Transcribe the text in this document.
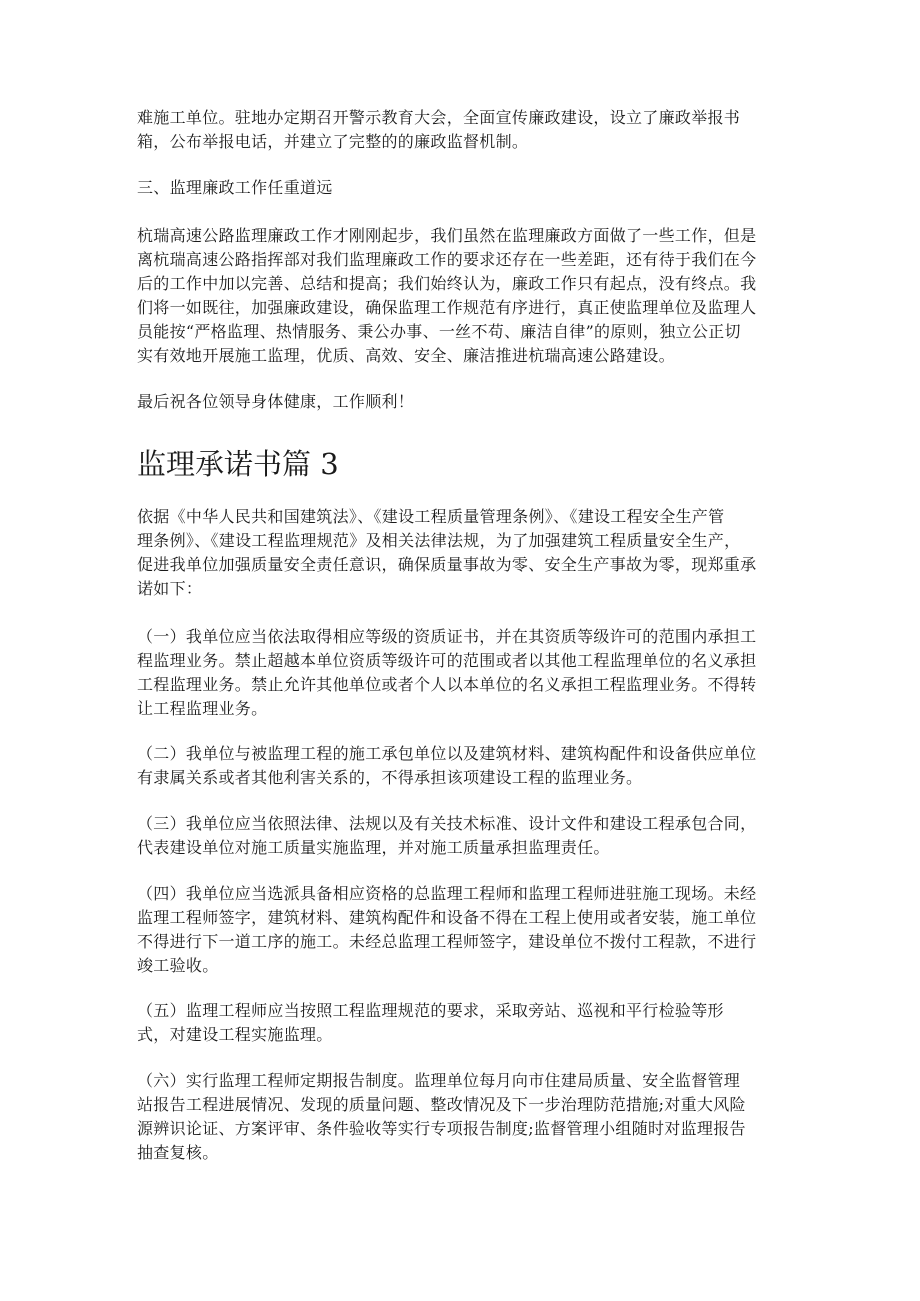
难施工单位。驻地办定期召开警示教育大会，全面宣传廉政建设，设立了廉政举报书
箱，公布举报电话，并建立了完整的的廉政监督机制。
三、监理廉政工作任重道远
杭瑞高速公路监理廉政工作才刚刚起步，我们虽然在监理廉政方面做了一些工作，但是
离杭瑞高速公路指挥部对我们监理廉政工作的要求还存在一些差距，还有待于我们在今
后的工作中加以完善、总结和提高；我们始终认为，廉政工作只有起点，没有终点。我
们将一如既往，加强廉政建设，确保监理工作规范有序进行，真正使监理单位及监理人
员能按“严格监理、热情服务、秉公办事、一丝不苟、廉洁自律”的原则，独立公正切
实有效地开展施工监理，优质、高效、安全、廉洁推进杭瑞高速公路建设。
最后祝各位领导身体健康，工作顺利！
监理承诺书篇 3
依据《中华人民共和国建筑法》、《建设工程质量管理条例》、《建设工程安全生产管
理条例》、《建设工程监理规范》及相关法律法规，为了加强建筑工程质量安全生产，
促进我单位加强质量安全责任意识，确保质量事故为零、安全生产事故为零，现郑重承
诺如下：
（一）我单位应当依法取得相应等级的资质证书，并在其资质等级许可的范围内承担工
程监理业务。禁止超越本单位资质等级许可的范围或者以其他工程监理单位的名义承担
工程监理业务。禁止允许其他单位或者个人以本单位的名义承担工程监理业务。不得转
让工程监理业务。
（二）我单位与被监理工程的施工承包单位以及建筑材料、建筑构配件和设备供应单位
有隶属关系或者其他利害关系的，不得承担该项建设工程的监理业务。
（三）我单位应当依照法律、法规以及有关技术标准、设计文件和建设工程承包合同，
代表建设单位对施工质量实施监理，并对施工质量承担监理责任。
（四）我单位应当选派具备相应资格的总监理工程师和监理工程师进驻施工现场。未经
监理工程师签字，建筑材料、建筑构配件和设备不得在工程上使用或者安装，施工单位
不得进行下一道工序的施工。未经总监理工程师签字，建设单位不拨付工程款，不进行
竣工验收。
（五）监理工程师应当按照工程监理规范的要求，采取旁站、巡视和平行检验等形
式，对建设工程实施监理。
（六）实行监理工程师定期报告制度。监理单位每月向市住建局质量、安全监督管理
站报告工程进展情况、发现的质量问题、整改情况及下一步治理防范措施;对重大风险
源辨识论证、方案评审、条件验收等实行专项报告制度;监督管理小组随时对监理报告
抽查复核。
